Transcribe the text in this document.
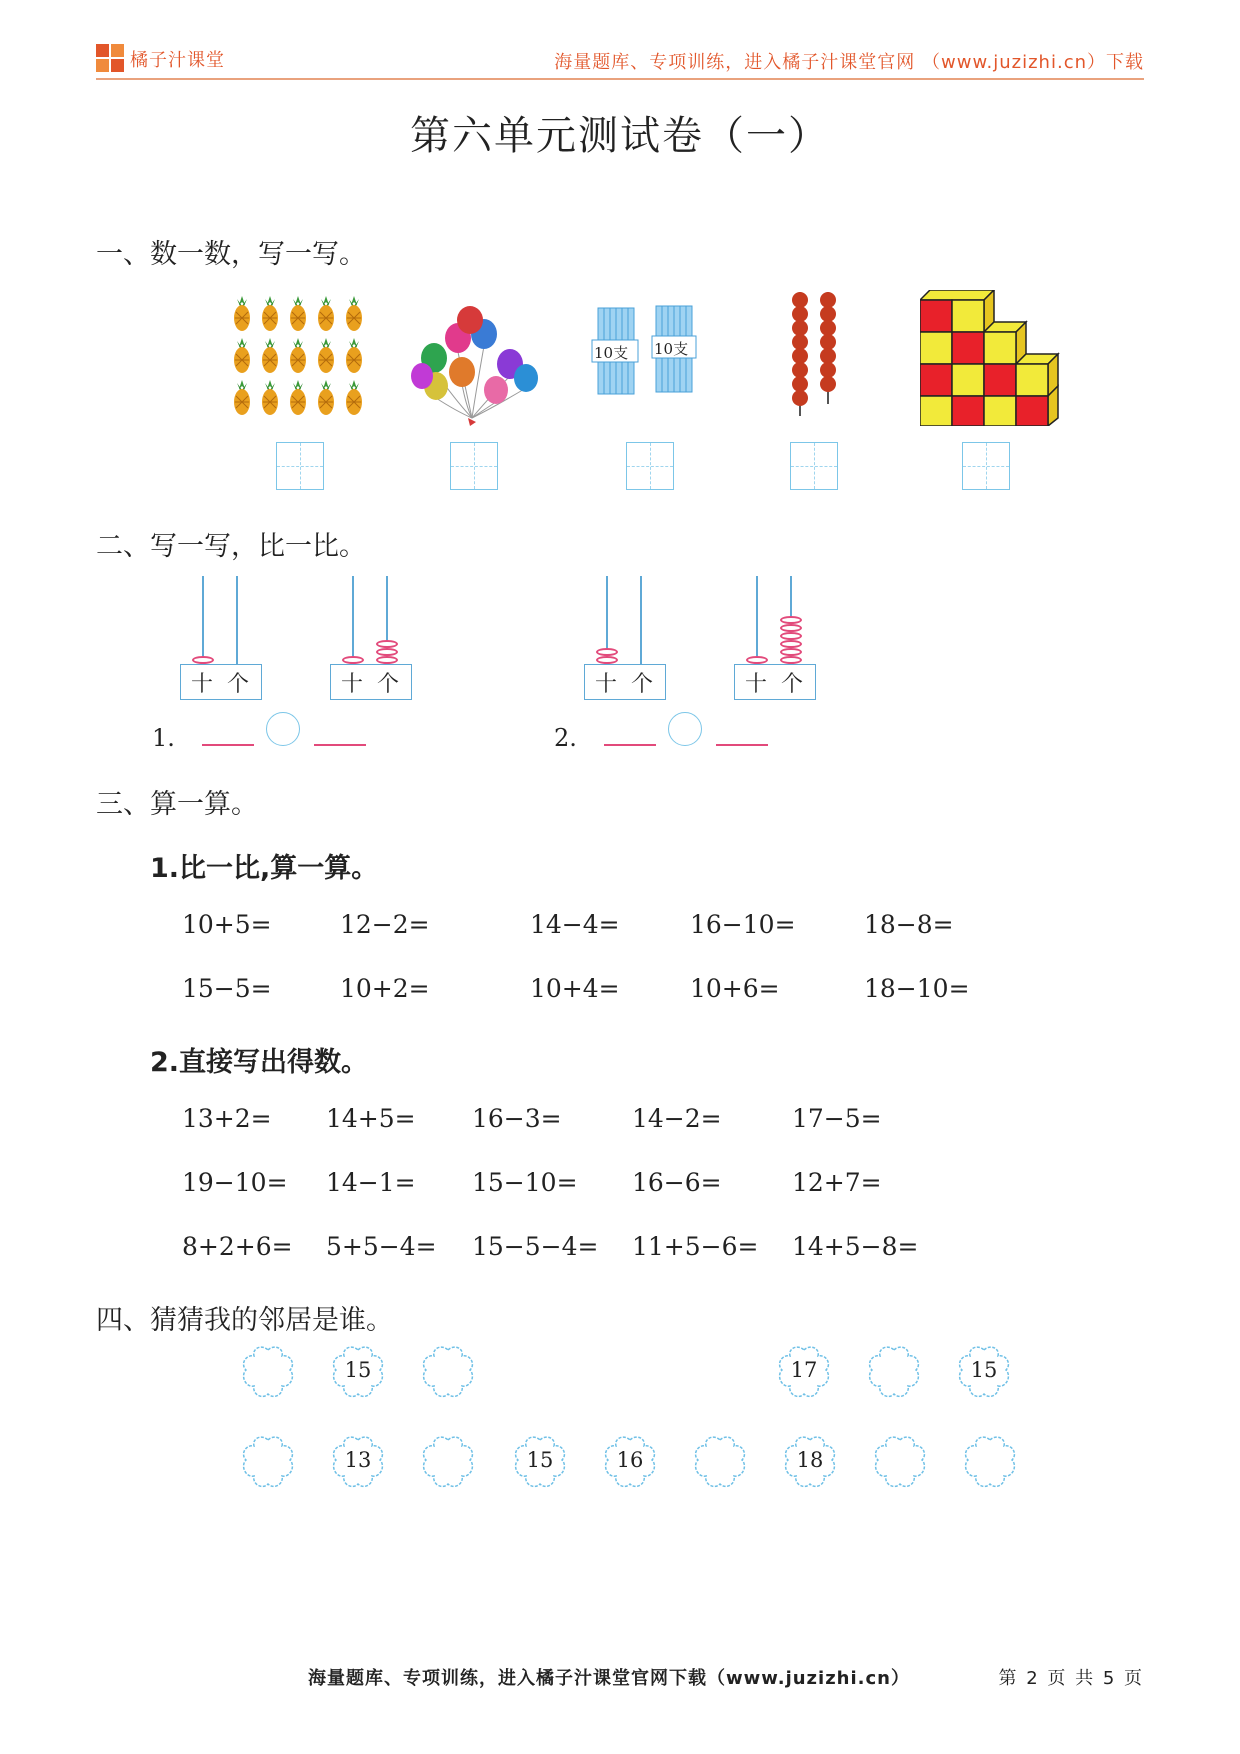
橘子汁课堂	海量题库、专项训练，进入橘子汁课堂官网 （www.juzizhi.cn）下载
第六单元测试卷（一）
一、数一数，写一写。
10支 10支
二、写一写，比一比。
十 个	十 个	十 个	十 个
1.	2.
三、算一算。
1.比一比,算一算。
10+5=	12−2=	14−4=	16−10=	18−8=
15−5=	10+2=	10+4=	10+6=	18−10=
2.直接写出得数。
13+2= 14+5= 16−3=	14−2=	17−5=
19−10= 14−1= 15−10= 16−6=	12+7=
8+2+6= 5+5−4= 15−5−4= 11+5−6= 14+5−8=
四、猜猜我的邻居是谁。
15	17	15
13	15	16	18
海量题库、专项训练，进入橘子汁课堂官网下载（www.juzizhi.cn）	第 2 页 共 5 页
